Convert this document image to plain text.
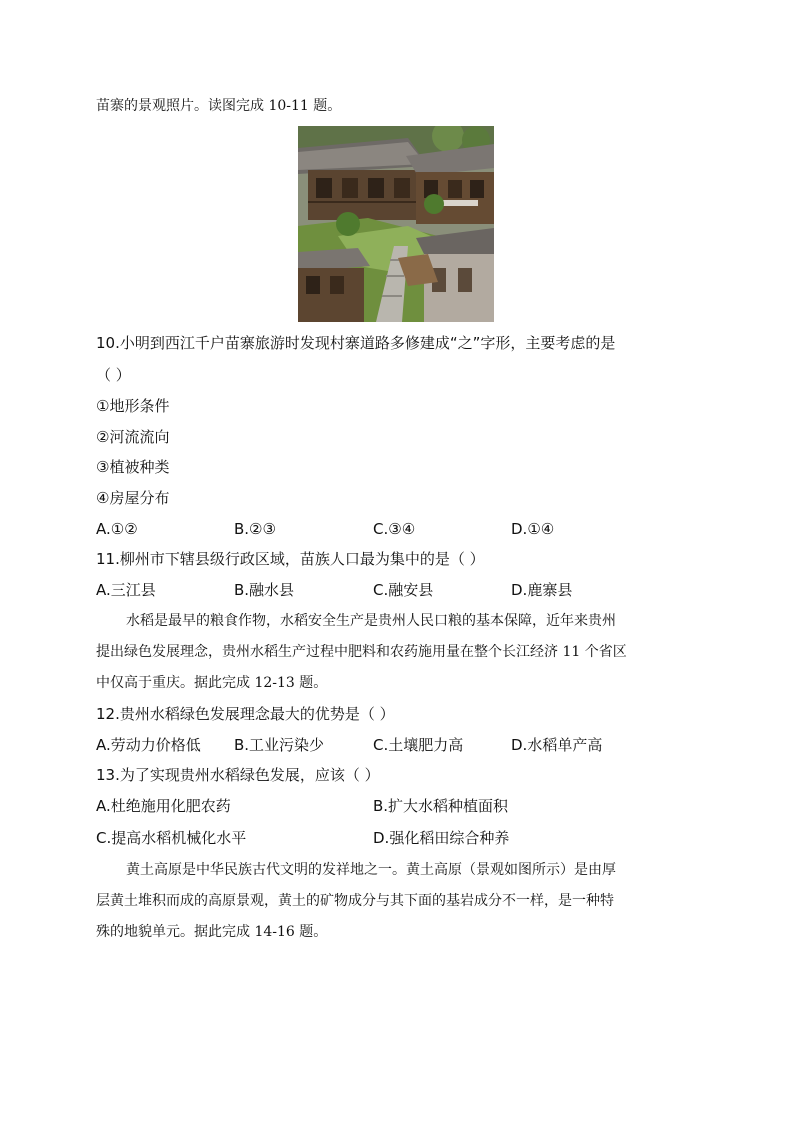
苗寨的景观照片。读图完成 10-11 题。
10.小明到西江千户苗寨旅游时发现村寨道路多修建成“之”字形，主要考虑的是
（ ）
①地形条件
②河流流向
③植被种类
④房屋分布
A.①②	B.②③	C.③④	D.①④
11.柳州市下辖县级行政区域，苗族人口最为集中的是（ ）
A.三江县	B.融水县	C.融安县	D.鹿寨县
水稻是最早的粮食作物，水稻安全生产是贵州人民口粮的基本保障，近年来贵州
提出绿色发展理念，贵州水稻生产过程中肥料和农药施用量在整个长江经济 11 个省区
中仅高于重庆。据此完成 12-13 题。
12.贵州水稻绿色发展理念最大的优势是（ ）
A.劳动力价格低 B.工业污染少	C.土壤肥力高	D.水稻单产高
13.为了实现贵州水稻绿色发展，应该（ ）
A.杜绝施用化肥农药	B.扩大水稻种植面积
C.提高水稻机械化水平	D.强化稻田综合种养
黄土高原是中华民族古代文明的发祥地之一。黄土高原（景观如图所示）是由厚
层黄土堆积而成的高原景观，黄土的矿物成分与其下面的基岩成分不一样，是一种特
殊的地貌单元。据此完成 14-16 题。
